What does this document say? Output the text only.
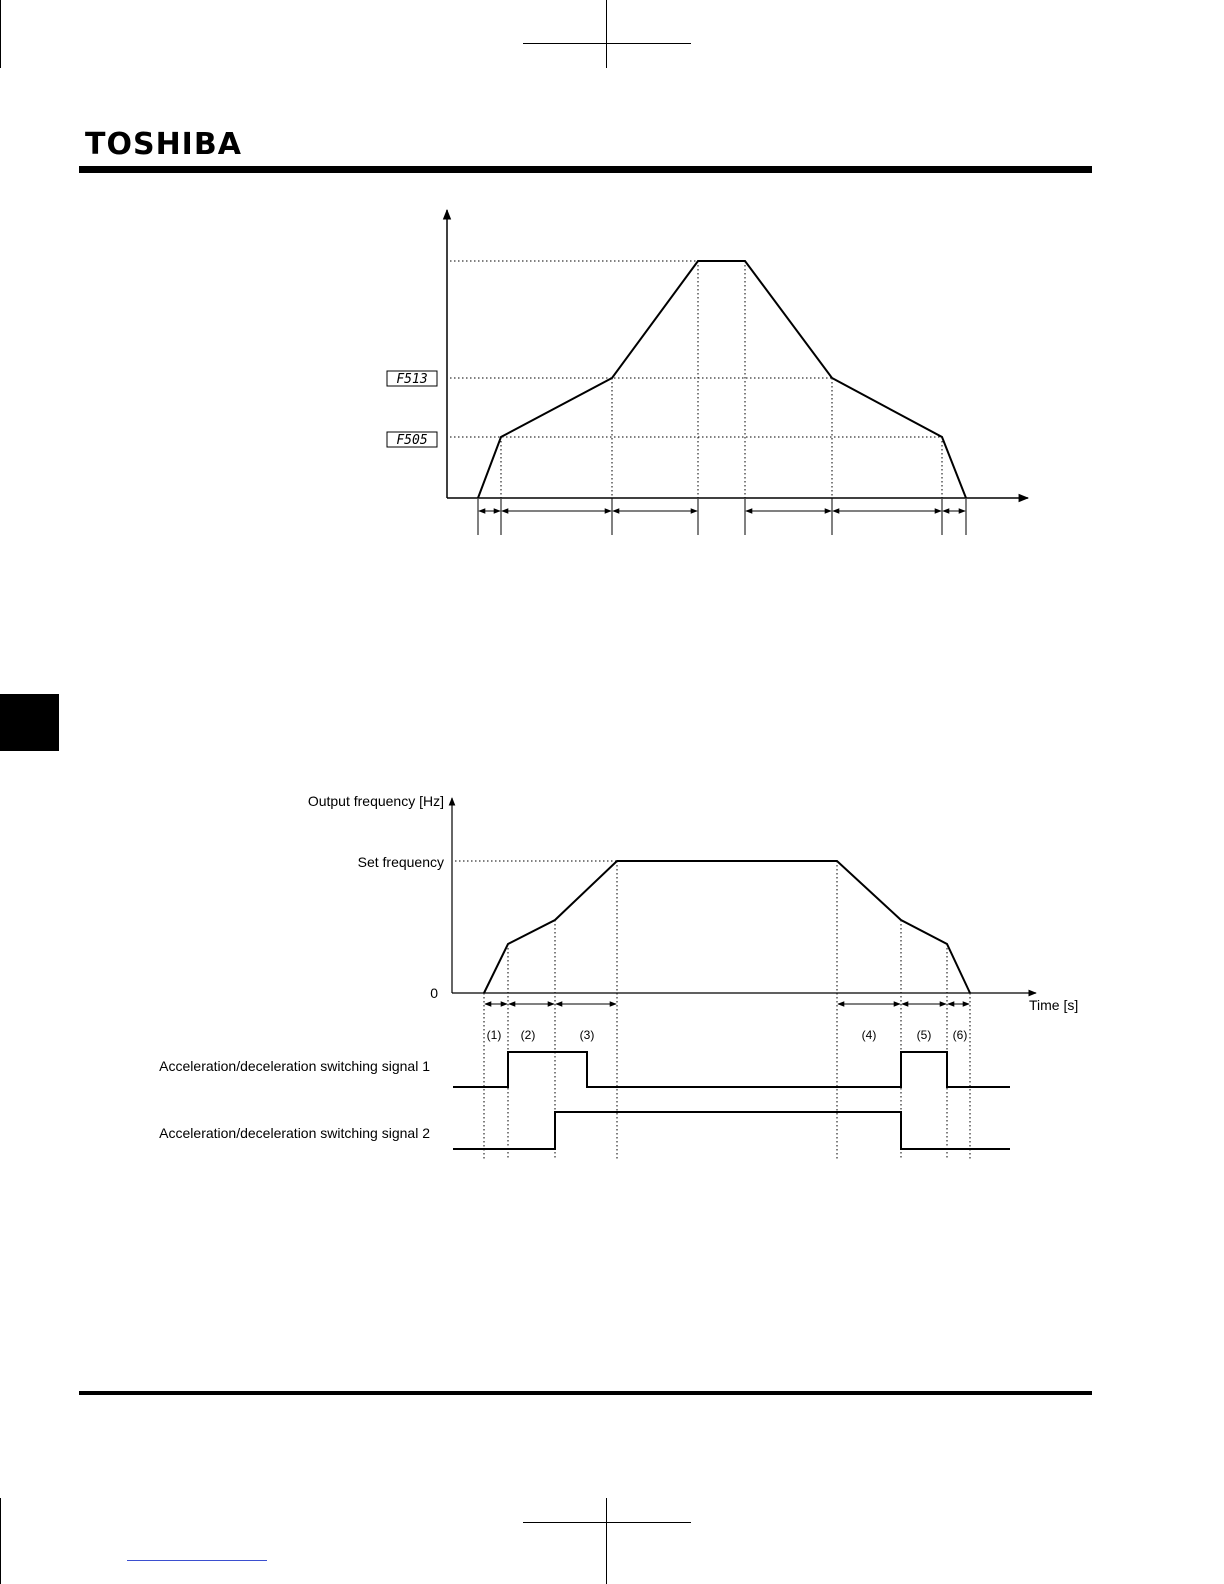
TOSHIBA
F513
F505
Output frequency [Hz]
Set frequency
0
Time [s]
(1) (2)	(3)	(4)	(5) (6)
Acceleration/deceleration switching signal 1
Acceleration/deceleration switching signal 2
